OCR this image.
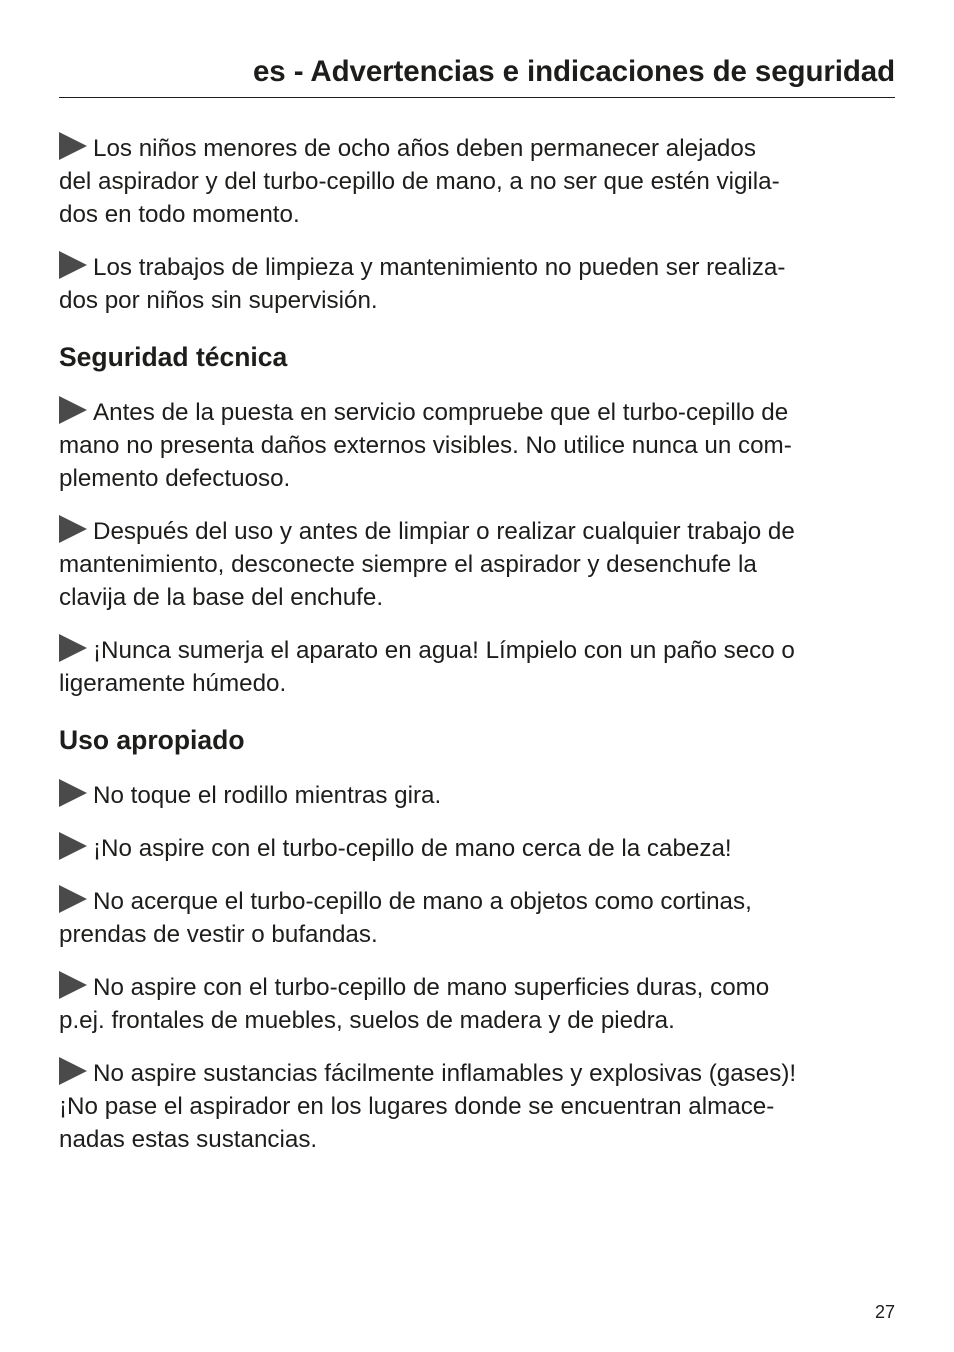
es - Advertencias e indicaciones de seguridad
Los niños menores de ocho años deben permanecer alejados
del aspirador y del turbo-cepillo de mano, a no ser que estén vigila-
dos en todo momento.
Los trabajos de limpieza y mantenimiento no pueden ser realiza-
dos por niños sin supervisión.
Seguridad técnica
Antes de la puesta en servicio compruebe que el turbo-cepillo de
mano no presenta daños externos visibles. No utilice nunca un com-
plemento defectuoso.
Después del uso y antes de limpiar o realizar cualquier trabajo de
mantenimiento, desconecte siempre el aspirador y desenchufe la
clavija de la base del enchufe.
¡Nunca sumerja el aparato en agua! Límpielo con un paño seco o
ligeramente húmedo.
Uso apropiado
No toque el rodillo mientras gira.
¡No aspire con el turbo-cepillo de mano cerca de la cabeza!
No acerque el turbo-cepillo de mano a objetos como cortinas,
prendas de vestir o bufandas.
No aspire con el turbo-cepillo de mano superficies duras, como
p.ej. frontales de muebles, suelos de madera y de piedra.
No aspire sustancias fácilmente inflamables y explosivas (gases)!
¡No pase el aspirador en los lugares donde se encuentran almace-
nadas estas sustancias.
27
